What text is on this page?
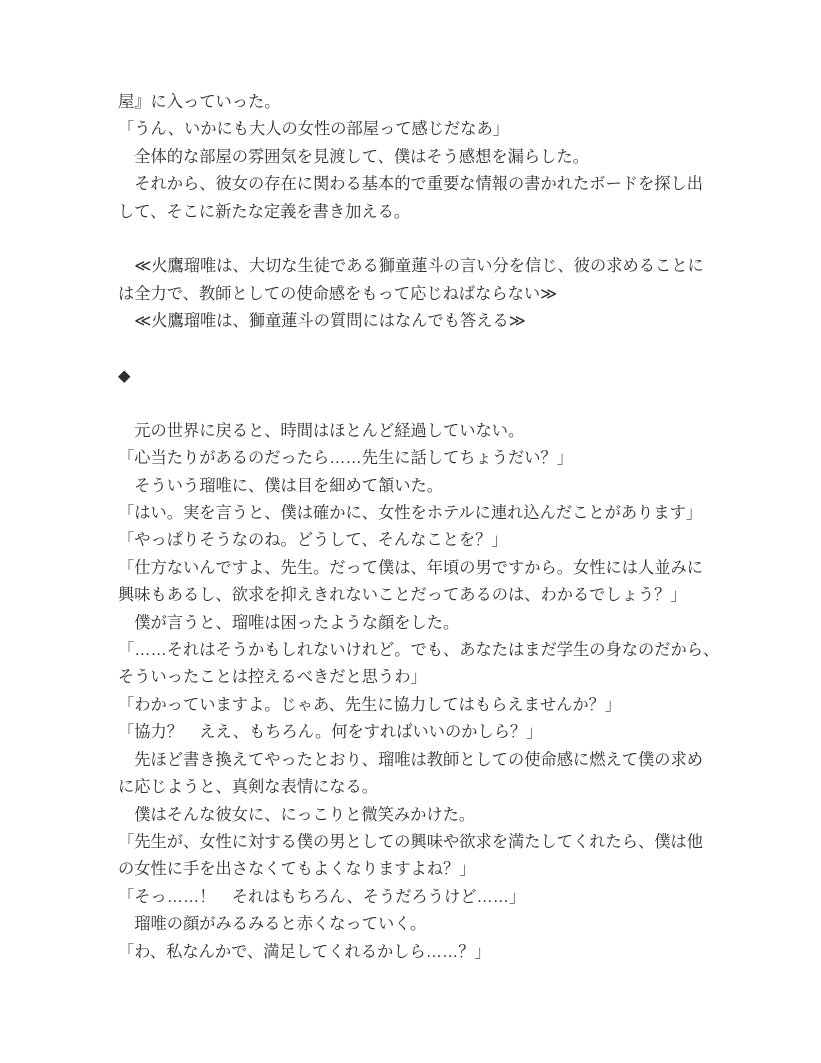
屋』に入っていった。
「うん、いかにも大人の女性の部屋って感じだなあ」
　全体的な部屋の雰囲気を見渡して、僕はそう感想を漏らした。
　それから、彼女の存在に関わる基本的で重要な情報の書かれたボードを探し出
して、そこに新たな定義を書き加える。
　≪火鷹瑠唯は、大切な生徒である獅童蓮斗の言い分を信じ、彼の求めることに
は全力で、教師としての使命感をもって応じねばならない≫
　≪火鷹瑠唯は、獅童蓮斗の質問にはなんでも答える≫
◆
　元の世界に戻ると、時間はほとんど経過していない。
「心当たりがあるのだったら……先生に話してちょうだい？」
　そういう瑠唯に、僕は目を細めて頷いた。
「はい。実を言うと、僕は確かに、女性をホテルに連れ込んだことがあります」
「やっぱりそうなのね。どうして、そんなことを？」
「仕方ないんですよ、先生。だって僕は、年頃の男ですから。女性には人並みに
興味もあるし、欲求を抑えきれないことだってあるのは、わかるでしょう？」
　僕が言うと、瑠唯は困ったような顔をした。
「……それはそうかもしれないけれど。でも、あなたはまだ学生の身なのだから、
そういったことは控えるべきだと思うわ」
「わかっていますよ。じゃあ、先生に協力してはもらえませんか？」
「協力？　ええ、もちろん。何をすればいいのかしら？」
　先ほど書き換えてやったとおり、瑠唯は教師としての使命感に燃えて僕の求め
に応じようと、真剣な表情になる。
　僕はそんな彼女に、にっこりと微笑みかけた。
「先生が、女性に対する僕の男としての興味や欲求を満たしてくれたら、僕は他
の女性に手を出さなくてもよくなりますよね？」
「そっ……！　それはもちろん、そうだろうけど……」
　瑠唯の顔がみるみると赤くなっていく。
「わ、私なんかで、満足してくれるかしら……？」
